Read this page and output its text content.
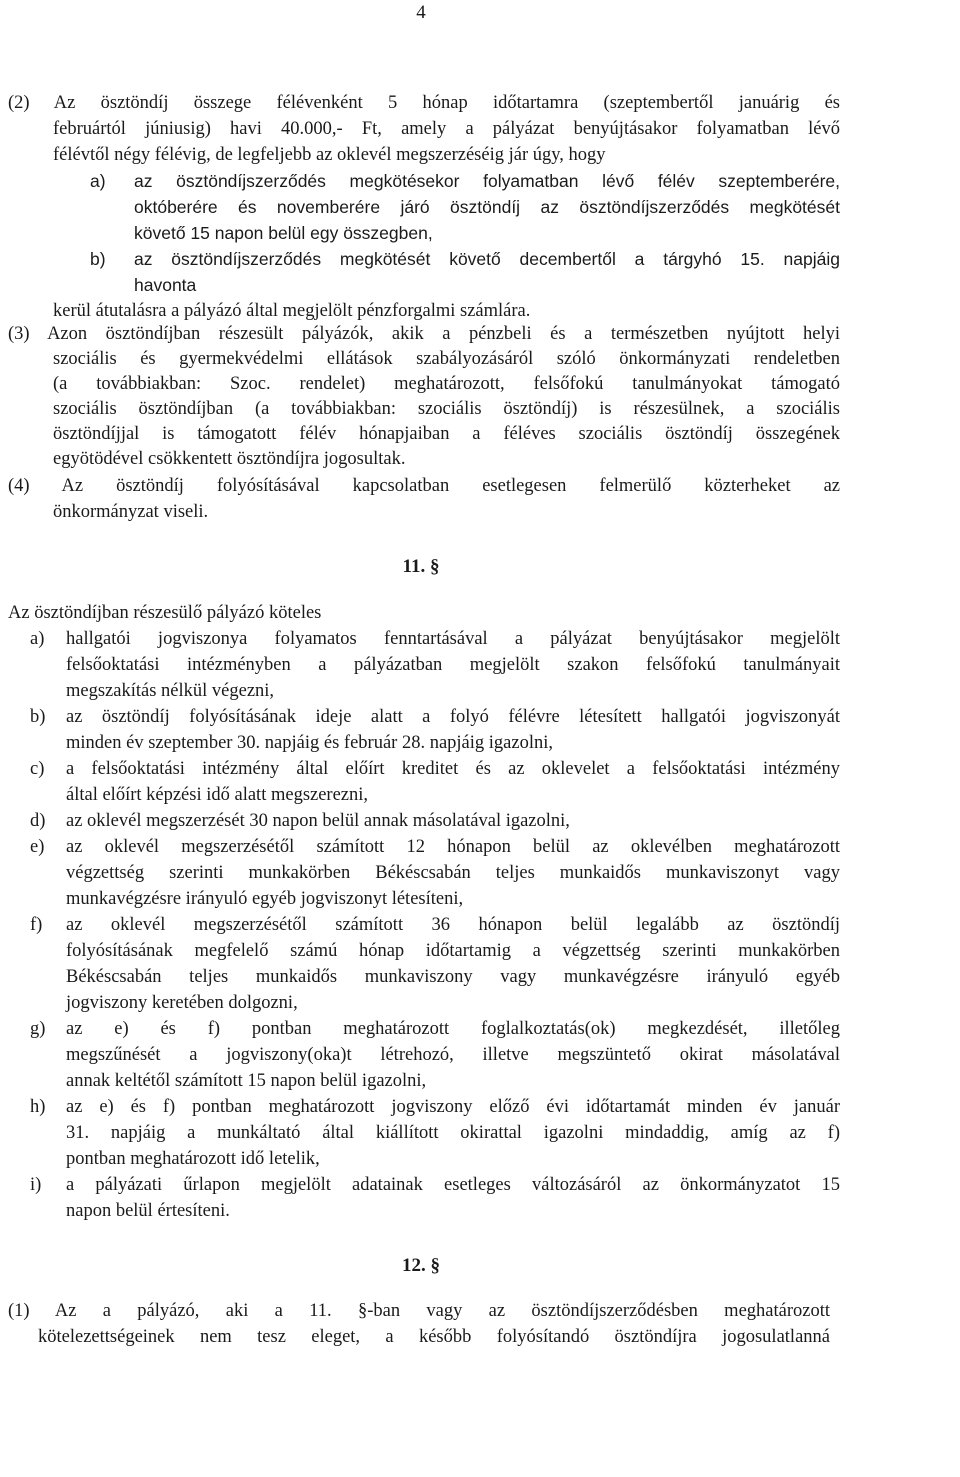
4
(2) Az ösztöndíj összege félévenként 5 hónap időtartamra (szeptembertől januárig és
februártól júniusig) havi 40.000,- Ft, amely a pályázat benyújtásakor folyamatban lévő
félévtől négy félévig, de legfeljebb az oklevél megszerzéséig jár úgy, hogy
a) az ösztöndíjszerződés megkötésekor folyamatban lévő félév szeptemberére,
októberére és novemberére járó ösztöndíj az ösztöndíjszerződés megkötését
követő 15 napon belül egy összegben,
b) az ösztöndíjszerződés megkötését követő decembertől a tárgyhó 15. napjáig
havonta
kerül átutalásra a pályázó által megjelölt pénzforgalmi számlára.
(3) Azon ösztöndíjban részesült pályázók, akik a pénzbeli és a természetben nyújtott helyi
szociális és gyermekvédelmi ellátások szabályozásáról szóló önkormányzati rendeletben
(a továbbiakban: Szoc. rendelet) meghatározott, felsőfokú tanulmányokat támogató
szociális ösztöndíjban (a továbbiakban: szociális ösztöndíj) is részesülnek, a szociális
ösztöndíjjal is támogatott félév hónapjaiban a féléves szociális ösztöndíj összegének
egyötödével csökkentett ösztöndíjra jogosultak.
(4) Az ösztöndíj folyósításával kapcsolatban esetlegesen felmerülő közterheket az
önkormányzat viseli.
11. §
Az ösztöndíjban részesülő pályázó köteles
a) hallgatói jogviszonya folyamatos fenntartásával a pályázat benyújtásakor megjelölt
felsőoktatási intézményben a pályázatban megjelölt szakon felsőfokú tanulmányait
megszakítás nélkül végezni,
b) az ösztöndíj folyósításának ideje alatt a folyó félévre létesített hallgatói jogviszonyát
minden év szeptember 30. napjáig és február 28. napjáig igazolni,
c) a felsőoktatási intézmény által előírt kreditet és az oklevelet a felsőoktatási intézmény
által előírt képzési idő alatt megszerezni,
d) az oklevél megszerzését 30 napon belül annak másolatával igazolni,
e) az oklevél megszerzésétől számított 12 hónapon belül az oklevélben meghatározott
végzettség szerinti munkakörben Békéscsabán teljes munkaidős munkaviszonyt vagy
munkavégzésre irányuló egyéb jogviszonyt létesíteni,
f) az oklevél megszerzésétől számított 36 hónapon belül legalább az ösztöndíj
folyósításának megfelelő számú hónap időtartamig a végzettség szerinti munkakörben
Békéscsabán teljes munkaidős munkaviszony vagy munkavégzésre irányuló egyéb
jogviszony keretében dolgozni,
g) az e) és f) pontban meghatározott foglalkoztatás(ok) megkezdését, illetőleg
megszűnését a jogviszony(oka)t létrehozó, illetve megszüntető okirat másolatával
annak keltétől számított 15 napon belül igazolni,
h) az e) és f) pontban meghatározott jogviszony előző évi időtartamát minden év január
31. napjáig a munkáltató által kiállított okirattal igazolni mindaddig, amíg az f)
pontban meghatározott idő letelik,
i) a pályázati űrlapon megjelölt adatainak esetleges változásáról az önkormányzatot 15
napon belül értesíteni.
12. §
(1) Az a pályázó, aki a 11. §-ban vagy az ösztöndíjszerződésben meghatározott
kötelezettségeinek nem tesz eleget, a később folyósítandó ösztöndíjra jogosulatlanná
